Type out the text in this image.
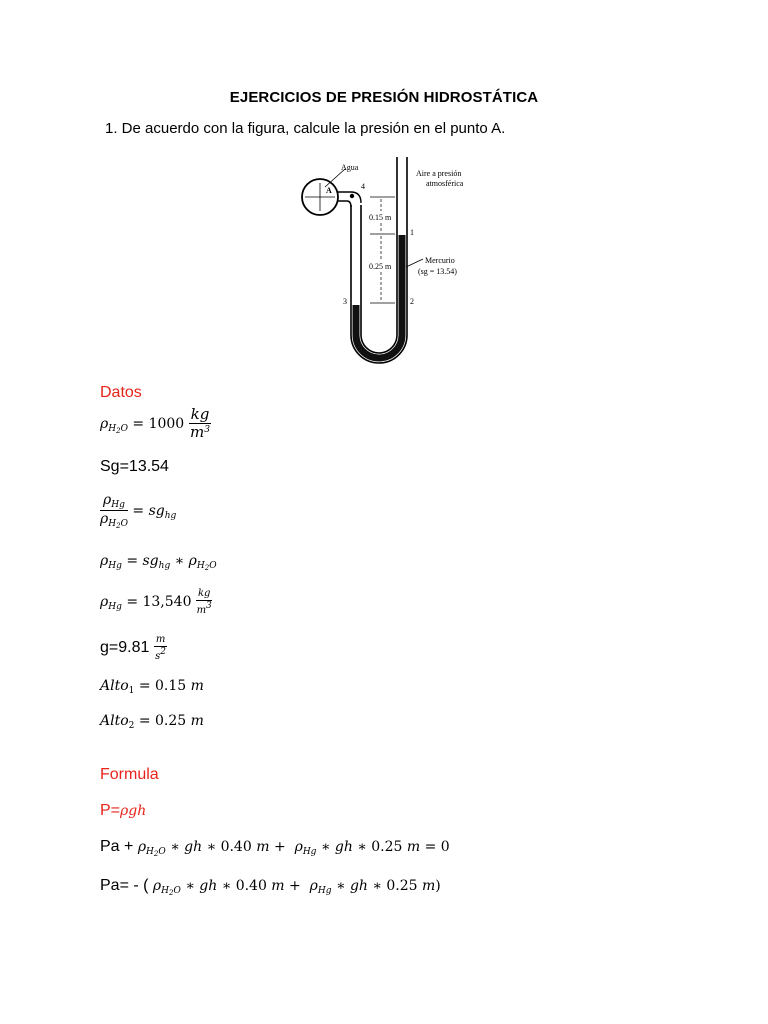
EJERCICIOS DE PRESIÓN HIDROSTÁTICA
1. De acuerdo con la figura, calcule la presión en el punto A.
Agua
Aire a presión
atmosférica
A	4
1
2
3
0.15 m
0.25 m
Mercurio
(sg = 13.54)
Datos
$\rho_{H_2O} = 1000 \frac{kg}{m^3}$
Sg=13.54
$\frac{\rho_{Hg}}{\rho_{H_2O}} = sg_{hg}$
$\rho_{Hg} = sg_{hg}$ ∗ $\rho_{H_2O}$
$\rho_{Hg} = 13,540 \frac{kg}{m^3}$
$g=9.81 \frac{m}{s^2}$
Alto$_1$ = 0.15 m
Alto$_2$ = 0.25 m
Formula
P=ρgh
$Pa + \rho_{H_2O}$ ∗ gh ∗ 0.40 $m + \rho_{Hg}$ ∗ gh ∗ 0.25 m = 0
Pa= - ( $\rho_{H_2O}$ ∗ gh ∗ 0.40 $m + \rho_{Hg}$ ∗ gh ∗ 0.25 m)
